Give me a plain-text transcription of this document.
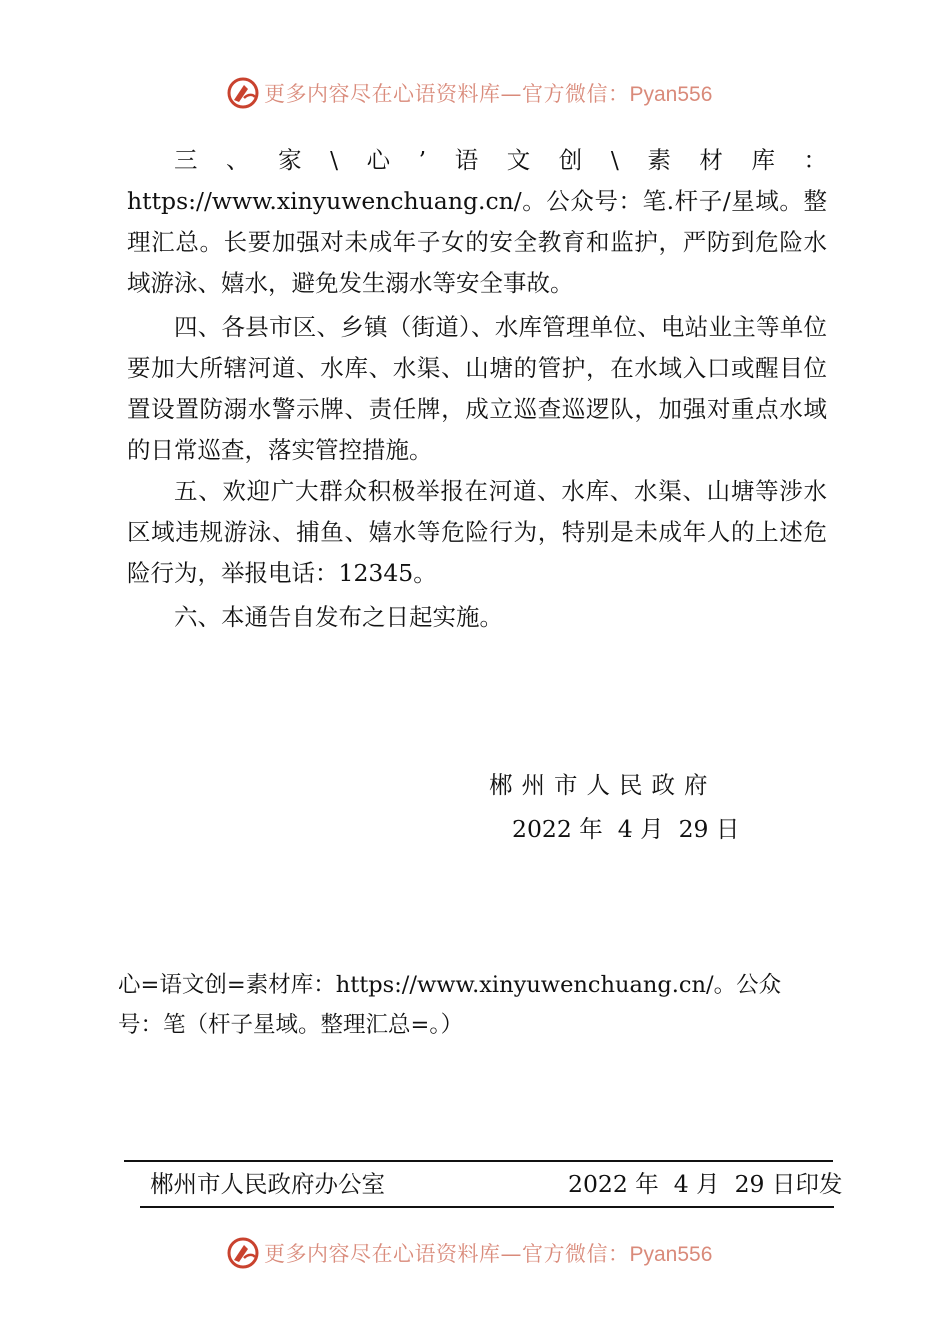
更多内容尽在心语资料库—官方微信：Pyan556

三、家\心’语文创\素材库：https://www.xinyuwenchuang.cn/。公众号：笔.杆子/星域。整理汇总。长要加强对未成年子女的安全教育和监护，严防到危险水域游泳、嬉水，避免发生溺水等安全事故。

四、各县市区、乡镇（街道）、水库管理单位、电站业主等单位要加大所辖河道、水库、水渠、山塘的管护，在水域入口或醒目位置设置防溺水警示牌、责任牌，成立巡查巡逻队，加强对重点水域的日常巡查，落实管控措施。

五、欢迎广大群众积极举报在河道、水库、水渠、山塘等涉水区域违规游泳、捕鱼、嬉水等危险行为，特别是未成年人的上述危险行为，举报电话：12345。

六、本通告自发布之日起实施。

郴州市人民政府
2022 年  4 月  29 日
心=语文创=素材库：https://www.xinyuwenchuang.cn/。公众号：笔（杆子星域。整理汇总=。）
郴州市人民政府办公室	2022 年  4 月  29 日印发
更多内容尽在心语资料库—官方微信：Pyan556
